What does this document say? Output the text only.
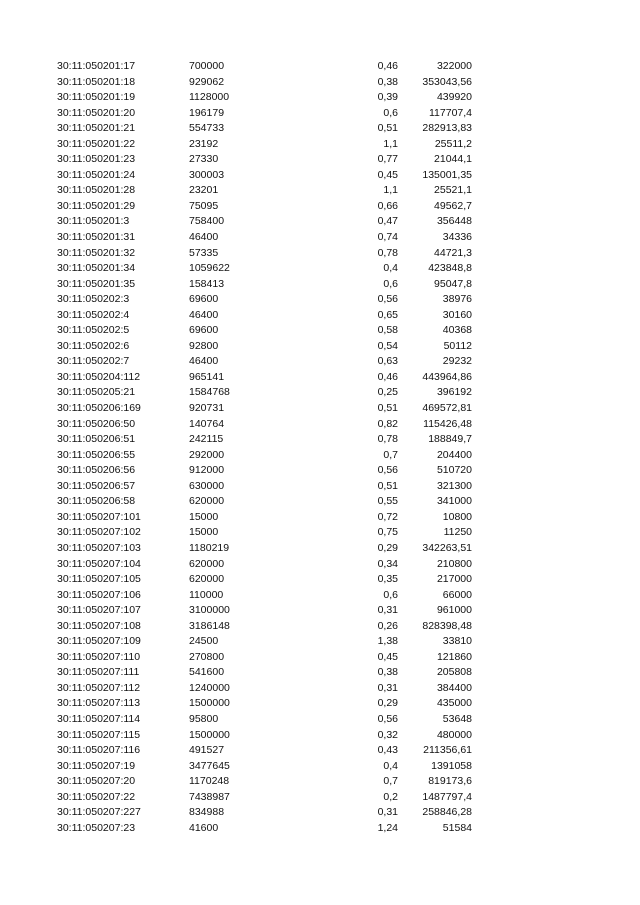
30:11:050201:17	700000	0,46	322000
30:11:050201:18	929062	0,38 353043,56
30:11:050201:19	1128000	0,39	439920
30:11:050201:20	196179	0,6	117707,4
30:11:050201:21	554733	0,51 282913,83
30:11:050201:22	23192	1,1	25511,2
30:11:050201:23	27330	0,77	21044,1
30:11:050201:24	300003	0,45 135001,35
30:11:050201:28	23201	1,1	25521,1
30:11:050201:29	75095	0,66	49562,7
30:11:050201:3	758400	0,47	356448
30:11:050201:31	46400	0,74	34336
30:11:050201:32	57335	0,78	44721,3
30:11:050201:34	1059622	0,4	423848,8
30:11:050201:35	158413	0,6	95047,8
30:11:050202:3	69600	0,56	38976
30:11:050202:4	46400	0,65	30160
30:11:050202:5	69600	0,58	40368
30:11:050202:6	92800	0,54	50112
30:11:050202:7	46400	0,63	29232
30:11:050204:112	965141	0,46 443964,86
30:11:050205:21	1584768	0,25	396192
30:11:050206:169	920731	0,51 469572,81
30:11:050206:50	140764	0,82 115426,48
30:11:050206:51	242115	0,78	188849,7
30:11:050206:55	292000	0,7	204400
30:11:050206:56	912000	0,56	510720
30:11:050206:57	630000	0,51	321300
30:11:050206:58	620000	0,55	341000
30:11:050207:101	15000	0,72	10800
30:11:050207:102	15000	0,75	11250
30:11:050207:103	1180219	0,29 342263,51
30:11:050207:104	620000	0,34	210800
30:11:050207:105	620000	0,35	217000
30:11:050207:106	110000	0,6	66000
30:11:050207:107	3100000	0,31	961000
30:11:050207:108	3186148	0,26 828398,48
30:11:050207:109	24500	1,38	33810
30:11:050207:110	270800	0,45	121860
30:11:050207:111	541600	0,38	205808
30:11:050207:112	1240000	0,31	384400
30:11:050207:113	1500000	0,29	435000
30:11:050207:114	95800	0,56	53648
30:11:050207:115	1500000	0,32	480000
30:11:050207:116	491527	0,43 211356,61
30:11:050207:19	3477645	0,4	1391058
30:11:050207:20	1170248	0,7	819173,6
30:11:050207:22	7438987	0,2 1487797,4
30:11:050207:227	834988	0,31 258846,28
30:11:050207:23	41600	1,24	51584
